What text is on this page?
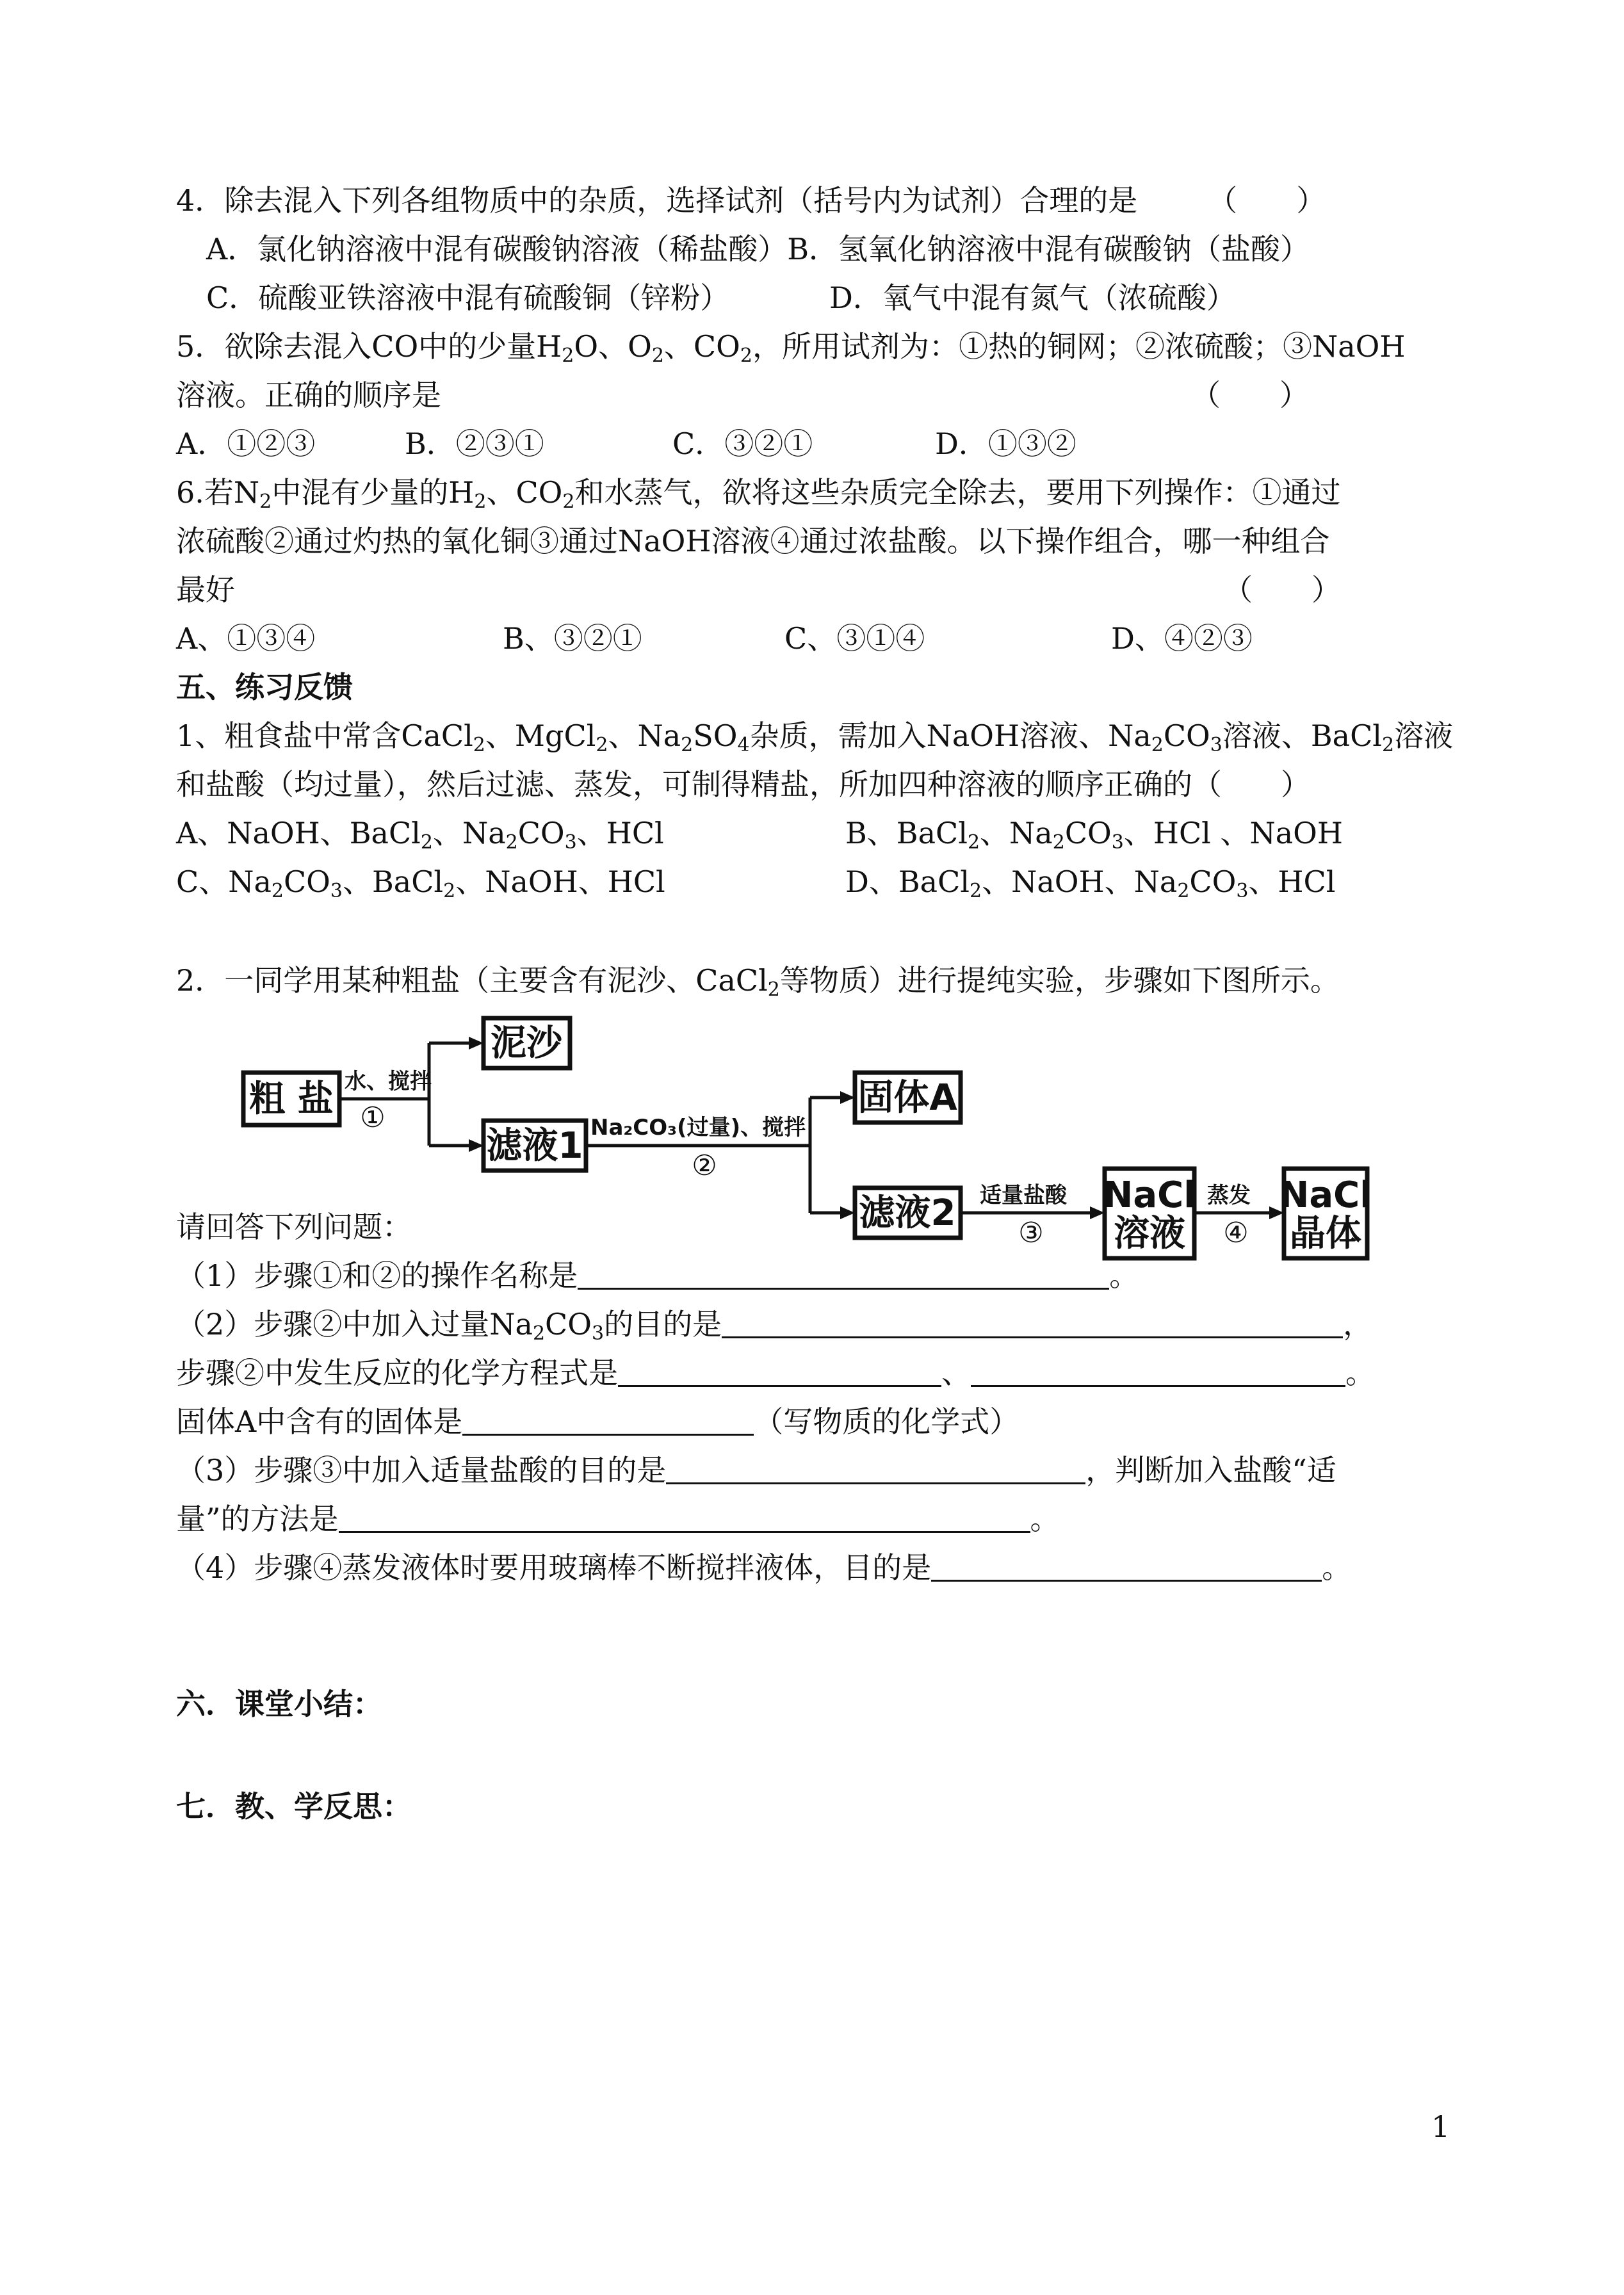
4．除去混入下列各组物质中的杂质，选择试剂（括号内为试剂）合理的是 （　　）
A．氯化钠溶液中混有碳酸钠溶液（稀盐酸）B．氢氧化钠溶液中混有碳酸钠（盐酸）
C．硫酸亚铁溶液中混有硫酸铜（锌粉）	D．氧气中混有氮气（浓硫酸）
5．欲除去混入CO中的少量$H_2O$、$O_2$、$CO_2$，所用试剂为：①热的铜网；②浓硫酸；③NaOH
溶液。正确的顺序是	（　　）
A．①②③	B．②③①	C．③②①	D．①③②
6.若$N_2$中混有少量的$H_2$、$CO_2$和水蒸气，欲将这些杂质完全除去，要用下列操作：①通过
浓硫酸②通过灼热的氧化铜③通过NaOH溶液④通过浓盐酸。以下操作组合，哪一种组合
最好	（　　）
A、①③④	B、③②①	C、③①④	D、④②③
五、练习反馈
1、粗食盐中常含CaCl$_2$、MgCl$_2$、$Na_2SO_4$杂质，需加入NaOH溶液、$Na_2CO_3$溶液、BaCl$_2$溶液
和盐酸（均过量），然后过滤、蒸发，可制得精盐，所加四种溶液的顺序正确的（　　）
A、NaOH、BaCl$_2$、$Na_2CO_3$、HCl	B、BaCl$_2$、$Na_2CO_3$、HCl 、NaOH
C、$Na_2CO_3$、BaCl$_2$、NaOH、HCl	D、BaCl$_2$、NaOH、$Na_2CO_3$、HCl
2．一同学用某种粗盐（主要含有泥沙、CaCl$_2$等物质）进行提纯实验，步骤如下图所示。
粗 盐
泥沙
滤液1
固体A
滤液2	NaCl
溶液
NaCl
晶体
水、搅拌
①	Na₂CO₃(过量)、搅拌
②
适量盐酸
③
蒸发
④
请回答下列问题：
（1）步骤①和②的操作名称是	。
（2）步骤②中加入过量$Na_2CO_3$的目的是	，
步骤②中发生反应的化学方程式是	、	。
固体A中含有的固体是	（写物质的化学式）
（3）步骤③中加入适量盐酸的目的是	，判断加入盐酸“适
量”的方法是	。
（4）步骤④蒸发液体时要用玻璃棒不断搅拌液体，目的是	。
六．课堂小结：
七．教、学反思：
1
